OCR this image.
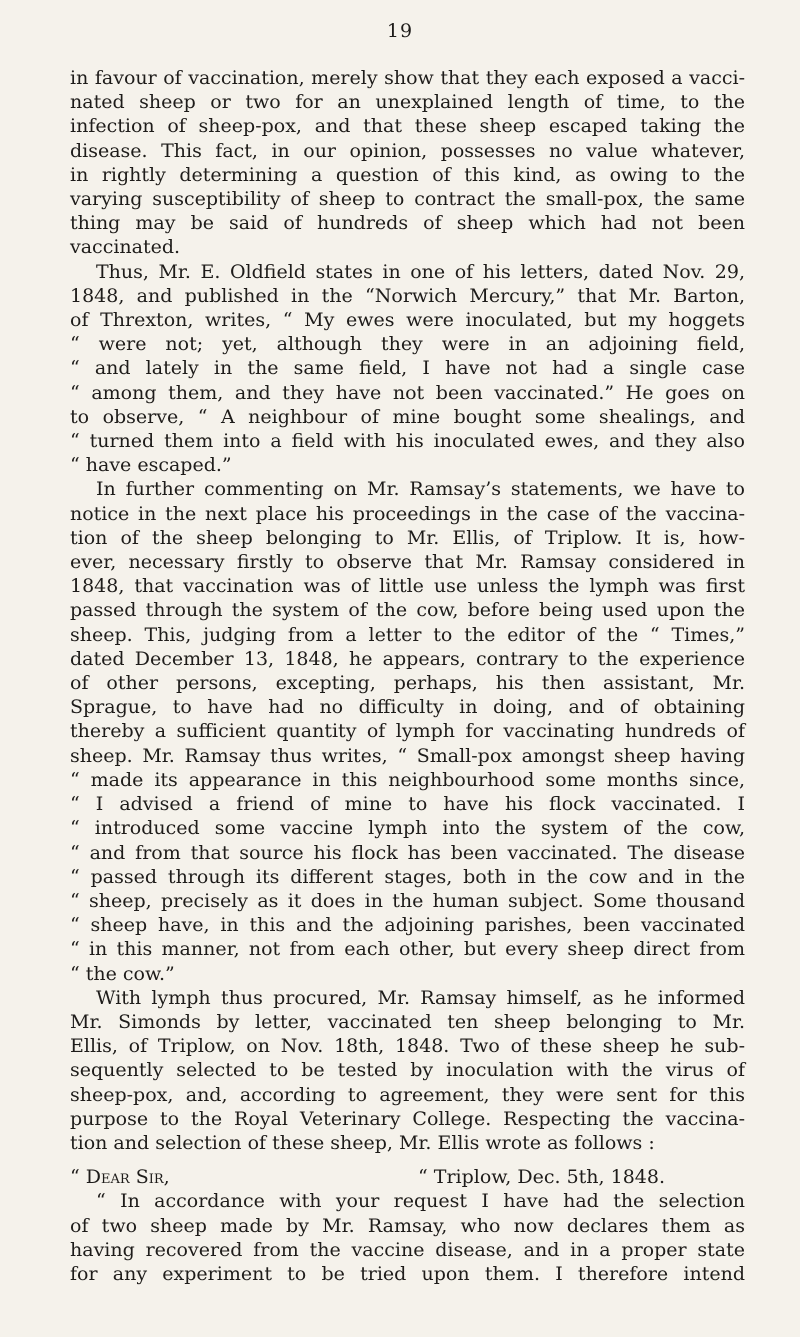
19

in favour of vaccination, merely show that they each exposed a vacci-
nated sheep or two for an unexplained length of time, to the
infection of sheep-pox, and that these sheep escaped taking the
disease. This fact, in our opinion, possesses no value whatever,
in rightly determining a question of this kind, as owing to the
varying susceptibility of sheep to contract the small-pox, the same
thing may be said of hundreds of sheep which had not been
vaccinated.

Thus, Mr. E. Oldfield states in one of his letters, dated Nov. 29,
1848, and published in the “Norwich Mercury,” that Mr. Barton,
of Threxton, writes, “ My ewes were inoculated, but my hoggets
“ were not; yet, although they were in an adjoining field,
“ and lately in the same field, I have not had a single case
“ among them, and they have not been vaccinated.” He goes on
to observe, “ A neighbour of mine bought some shealings, and
“ turned them into a field with his inoculated ewes, and they also
“ have escaped.”

In further commenting on Mr. Ramsay’s statements, we have to
notice in the next place his proceedings in the case of the vaccina-
tion of the sheep belonging to Mr. Ellis, of Triplow. It is, how-
ever, necessary firstly to observe that Mr. Ramsay considered in
1848, that vaccination was of little use unless the lymph was first
passed through the system of the cow, before being used upon the
sheep. This, judging from a letter to the editor of the “ Times,”
dated December 13, 1848, he appears, contrary to the experience
of other persons, excepting, perhaps, his then assistant, Mr.
Sprague, to have had no difficulty in doing, and of obtaining
thereby a sufficient quantity of lymph for vaccinating hundreds of
sheep. Mr. Ramsay thus writes, “ Small-pox amongst sheep having
“ made its appearance in this neighbourhood some months since,
“ I advised a friend of mine to have his flock vaccinated. I
“ introduced some vaccine lymph into the system of the cow,
“ and from that source his flock has been vaccinated. The disease
“ passed through its different stages, both in the cow and in the
“ sheep, precisely as it does in the human subject. Some thousand
“ sheep have, in this and the adjoining parishes, been vaccinated
“ in this manner, not from each other, but every sheep direct from
“ the cow.”

With lymph thus procured, Mr. Ramsay himself, as he informed
Mr. Simonds by letter, vaccinated ten sheep belonging to Mr.
Ellis, of Triplow, on Nov. 18th, 1848. Two of these sheep he sub-
sequently selected to be tested by inoculation with the virus of
sheep-pox, and, according to agreement, they were sent for this
purpose to the Royal Veterinary College. Respecting the vaccina-
tion and selection of these sheep, Mr. Ellis wrote as follows :

“ Dear Sir,	“ Triplow, Dec. 5th, 1848.

“ In accordance with your request I have had the selection
of two sheep made by Mr. Ramsay, who now declares them as
having recovered from the vaccine disease, and in a proper state
for any experiment to be tried upon them. I therefore intend
